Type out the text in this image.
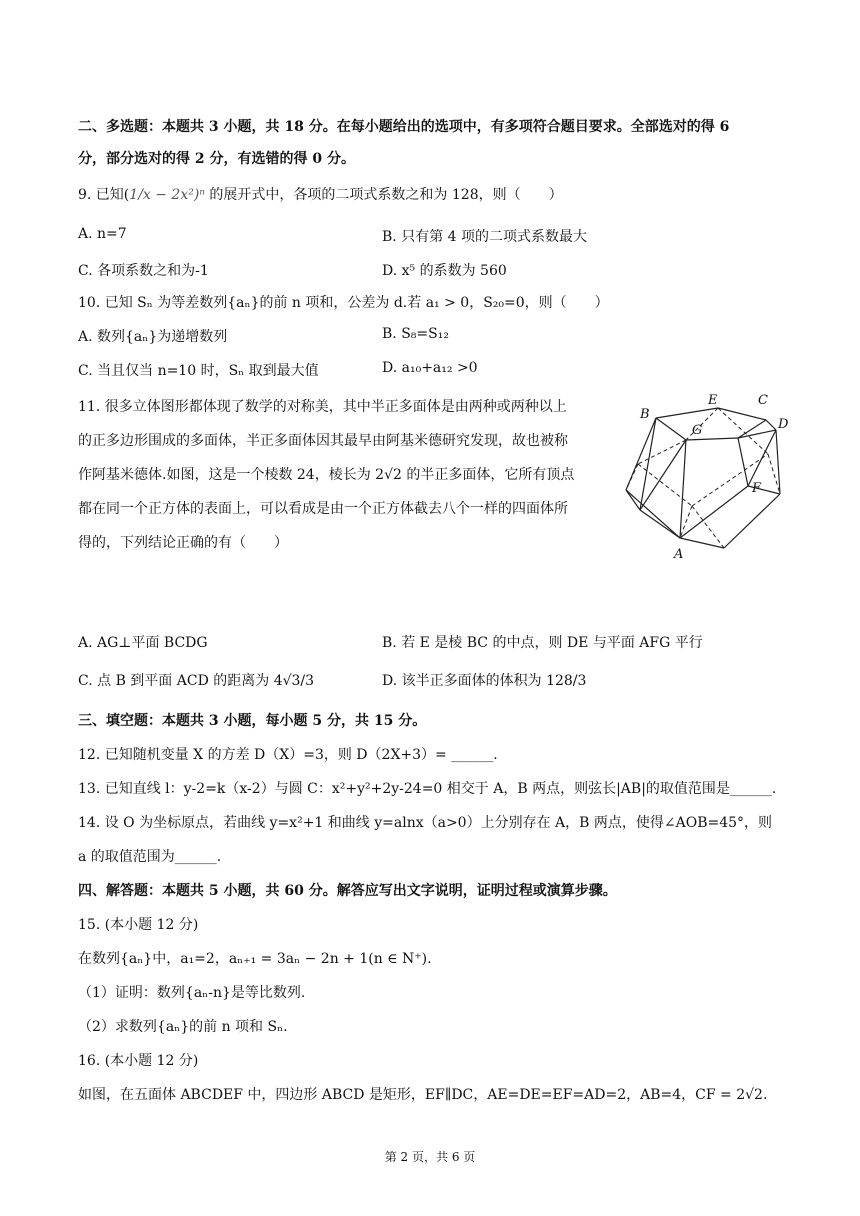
二、多选题：本题共 3 小题，共 18 分。在每小题给出的选项中，有多项符合题目要求。全部选对的得 6
分，部分选对的得 2 分，有选错的得 0 分。
9. 已知(1/x − 2x²)ⁿ 的展开式中，各项的二项式系数之和为 128，则（　　）
A. n=7	B. 只有第 4 项的二项式系数最大
C. 各项系数之和为-1	D. x⁵ 的系数为 560
10. 已知 Sₙ 为等差数列{aₙ}的前 n 项和，公差为 d.若 a₁ > 0，S₂₀=0，则（　　）
A. 数列{aₙ}为递增数列	B. S₈=S₁₂
C. 当且仅当 n=10 时，Sₙ 取到最大值	D. a₁₀+a₁₂ >0
11. 很多立体图形都体现了数学的对称美，其中半正多面体是由两种或两种以上
的正多边形围成的多面体，半正多面体因其最早由阿基米德研究发现，故也被称
作阿基米德体.如图，这是一个棱数 24，棱长为 2√2 的半正多面体，它所有顶点
都在同一个正方体的表面上，可以看成是由一个正方体截去八个一样的四面体所
得的，下列结论正确的有（　　）
B
E	C
G	D
F
A
A. AG⊥平面 BCDG	B. 若 E 是棱 BC 的中点，则 DE 与平面 AFG 平行
C. 点 B 到平面 ACD 的距离为 4√3/3	D. 该半正多面体的体积为 128/3
三、填空题：本题共 3 小题，每小题 5 分，共 15 分。
12. 已知随机变量 X 的方差 D（X）=3，则 D（2X+3）= ______.
13. 已知直线 l：y-2=k（x-2）与圆 C：x²+y²+2y-24=0 相交于 A，B 两点，则弦长|AB|的取值范围是______.
14. 设 O 为坐标原点，若曲线 y=x²+1 和曲线 y=alnx（a>0）上分别存在 A，B 两点，使得∠AOB=45°，则
a 的取值范围为______.
四、解答题：本题共 5 小题，共 60 分。解答应写出文字说明，证明过程或演算步骤。
15. (本小题 12 分)
在数列{aₙ}中，a₁=2，aₙ₊₁ = 3aₙ − 2n + 1(n ∈ N⁺).
（1）证明：数列{aₙ-n}是等比数列.
（2）求数列{aₙ}的前 n 项和 Sₙ.
16. (本小题 12 分)
如图，在五面体 ABCDEF 中，四边形 ABCD 是矩形，EF∥DC，AE=DE=EF=AD=2，AB=4，CF = 2√2.
第 2 页，共 6 页
